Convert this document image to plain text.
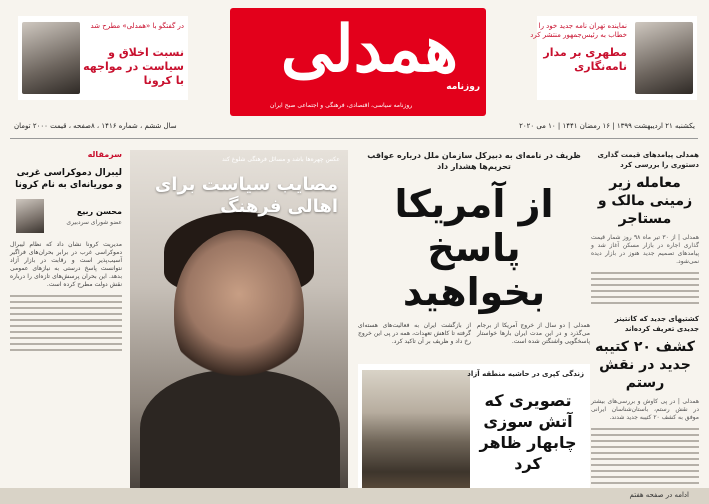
در گفتگو با «همدلی» مطرح شد
نسبت اخلاق و سیاست در مواجهه با کرونا همدلی
روزنامه
روزنامه سیاسی، اقتصادی، فرهنگی و اجتماعی صبح ایران
نماینده تهران نامه جدید خود را خطاب به رئیس‌جمهور منتشر کرد
مطهری بر مدار نامه‌نگاری
یکشنبه ۲۱ اردیبهشت ۱۳۹۹ | ۱۶ رمضان ۱۴۴۱ | ۱۰ می ۲۰۲۰
سال ششم ، شماره ۱۴۱۶ ، ۸صفحه ، قیمت ۲۰۰۰ تومان
همدلی پیامدهای قیمت گذاری دستوری را بررسی کرد
معامله زیر زمینی مالک و مستاجر
همدلی | از ۳۰ تیر ماه ۹۸ روز شمار قیمت گذاری اجاره در بازار مسکن آغاز شد و پیامدهای تصمیم جدید هنوز در بازار دیده نمی‌شود.
کشتیهای جدید که کانتینر جدیدی تعریف کرده‌اند
کشف ۲۰ کتیبه جدید در نقش رستم
همدلی | در پی کاوش و بررسی‌های بیشتر در نقش رستم، باستان‌شناسان ایرانی موفق به کشف ۲۰ کتیبه جدید شدند.
ظریف در نامه‌ای به دبیرکل سازمان ملل درباره عواقب تحریم‌ها هشدار داد
از آمریکا پاسخ بخواهید
همدلی | دو سال از خروج آمریکا از برجام می‌گذرد و در این مدت ایران بارها خواستار پاسخگویی واشنگتن شده است.
از بازگشت ایران به فعالیت‌های هسته‌ای گرفته تا کاهش تعهدات، همه در پی این خروج رخ داد و ظریف بر آن تاکید کرد.
زندگی کپری در حاشیه منطقه آزاد
تصویری که آتش سوزی چابهار ظاهر کرد
عکس چهره‌ها باشد و مسائل فرهنگی شلوغ کند
مصایب سیاست برای اهالی فرهنگ
سرمقاله
لیبرال دموکراسی غربی و موریانه‌ای به نام کرونا
محسن ربیع
عضو شورای سردبیری
مدیریت کرونا نشان داد که نظام لیبرال دموکراسی غرب در برابر بحران‌های فراگیر آسیب‌پذیر است و رقابت در بازار آزاد نتوانست پاسخ درستی به نیازهای عمومی بدهد. این بحران پرسش‌های تازه‌ای را درباره نقش دولت مطرح کرده است.
ادامه در صفحه هفتم
